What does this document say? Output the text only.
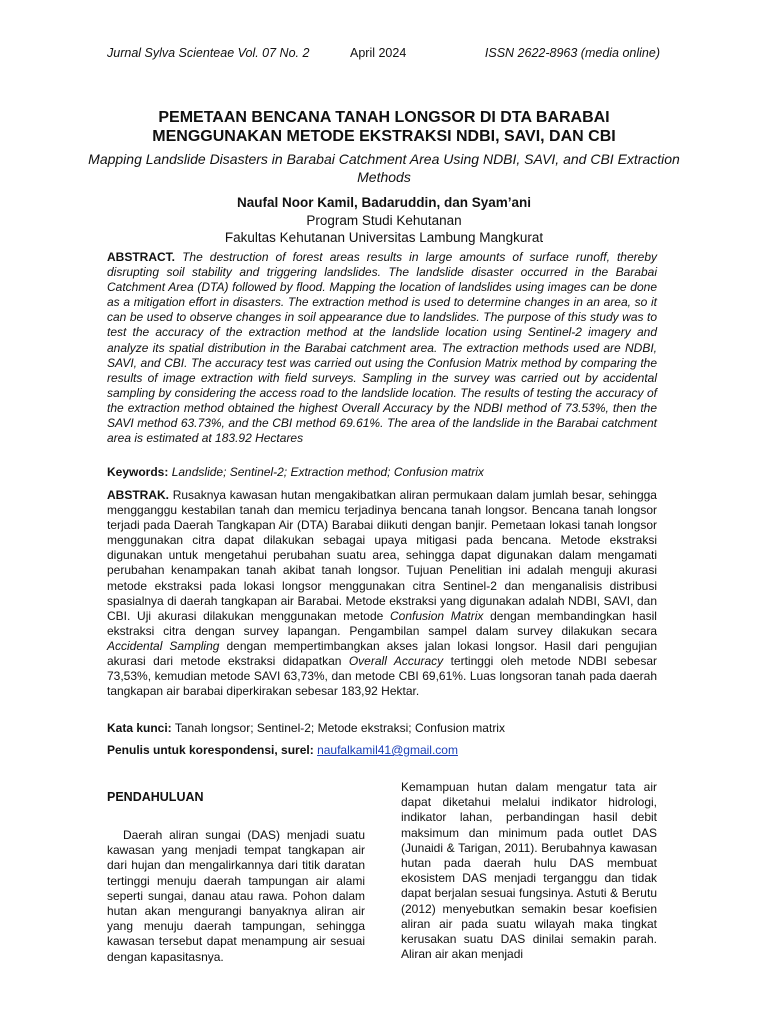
Jurnal Sylva Scienteae Vol. 07 No. 2	April 2024	ISSN 2622-8963 (media online)
PEMETAAN BENCANA TANAH LONGSOR DI DTA BARABAI
MENGGUNAKAN METODE EKSTRAKSI NDBI, SAVI, DAN CBI
Mapping Landslide Disasters in Barabai Catchment Area Using NDBI, SAVI, and CBI Extraction Methods
Naufal Noor Kamil, Badaruddin, dan Syam’ani
Program Studi Kehutanan
Fakultas Kehutanan Universitas Lambung Mangkurat
ABSTRACT. The destruction of forest areas results in large amounts of surface runoff, thereby disrupting soil stability and triggering landslides. The landslide disaster occurred in the Barabai Catchment Area (DTA) followed by flood. Mapping the location of landslides using images can be done as a mitigation effort in disasters. The extraction method is used to determine changes in an area, so it can be used to observe changes in soil appearance due to landslides. The purpose of this study was to test the accuracy of the extraction method at the landslide location using Sentinel-2 imagery and analyze its spatial distribution in the Barabai catchment area. The extraction methods used are NDBI, SAVI, and CBI. The accuracy test was carried out using the Confusion Matrix method by comparing the results of image extraction with field surveys. Sampling in the survey was carried out by accidental sampling by considering the access road to the landslide location. The results of testing the accuracy of the extraction method obtained the highest Overall Accuracy by the NDBI method of 73.53%, then the SAVI method 63.73%, and the CBI method 69.61%. The area of the landslide in the Barabai catchment area is estimated at 183.92 Hectares
Keywords: Landslide; Sentinel-2; Extraction method; Confusion matrix
ABSTRAK. Rusaknya kawasan hutan mengakibatkan aliran permukaan dalam jumlah besar, sehingga mengganggu kestabilan tanah dan memicu terjadinya bencana tanah longsor. Bencana tanah longsor terjadi pada Daerah Tangkapan Air (DTA) Barabai diikuti dengan banjir. Pemetaan lokasi tanah longsor menggunakan citra dapat dilakukan sebagai upaya mitigasi pada bencana. Metode ekstraksi digunakan untuk mengetahui perubahan suatu area, sehingga dapat digunakan dalam mengamati perubahan kenampakan tanah akibat tanah longsor. Tujuan Penelitian ini adalah menguji akurasi metode ekstraksi pada lokasi longsor menggunakan citra Sentinel-2 dan menganalisis distribusi spasialnya di daerah tangkapan air Barabai. Metode ekstraksi yang digunakan adalah NDBI, SAVI, dan CBI. Uji akurasi dilakukan menggunakan metode Confusion Matrix dengan membandingkan hasil ekstraksi citra dengan survey lapangan. Pengambilan sampel dalam survey dilakukan secara Accidental Sampling dengan mempertimbangkan akses jalan lokasi longsor. Hasil dari pengujian akurasi dari metode ekstraksi didapatkan Overall Accuracy tertinggi oleh metode NDBI sebesar 73,53%, kemudian metode SAVI 63,73%, dan metode CBI 69,61%. Luas longsoran tanah pada daerah tangkapan air barabai diperkirakan sebesar 183,92 Hektar.
Kata kunci: Tanah longsor; Sentinel-2; Metode ekstraksi; Confusion matrix
Penulis untuk korespondensi, surel: naufalkamil41@gmail.com
PENDAHULUAN
Daerah aliran sungai (DAS) menjadi suatu kawasan yang menjadi tempat tangkapan air dari hujan dan mengalirkannya dari titik daratan tertinggi menuju daerah tampungan air alami seperti sungai, danau atau rawa. Pohon dalam hutan akan mengurangi banyaknya aliran air yang menuju daerah tampungan, sehingga kawasan tersebut dapat menampung air sesuai dengan kapasitasnya.
Kemampuan hutan dalam mengatur tata air dapat diketahui melalui indikator hidrologi, indikator lahan, perbandingan hasil debit maksimum dan minimum pada outlet DAS (Junaidi & Tarigan, 2011). Berubahnya kawasan hutan pada daerah hulu DAS membuat ekosistem DAS menjadi terganggu dan tidak dapat berjalan sesuai fungsinya. Astuti & Berutu (2012) menyebutkan semakin besar koefisien aliran air pada suatu wilayah maka tingkat kerusakan suatu DAS dinilai semakin parah. Aliran air akan menjadi
